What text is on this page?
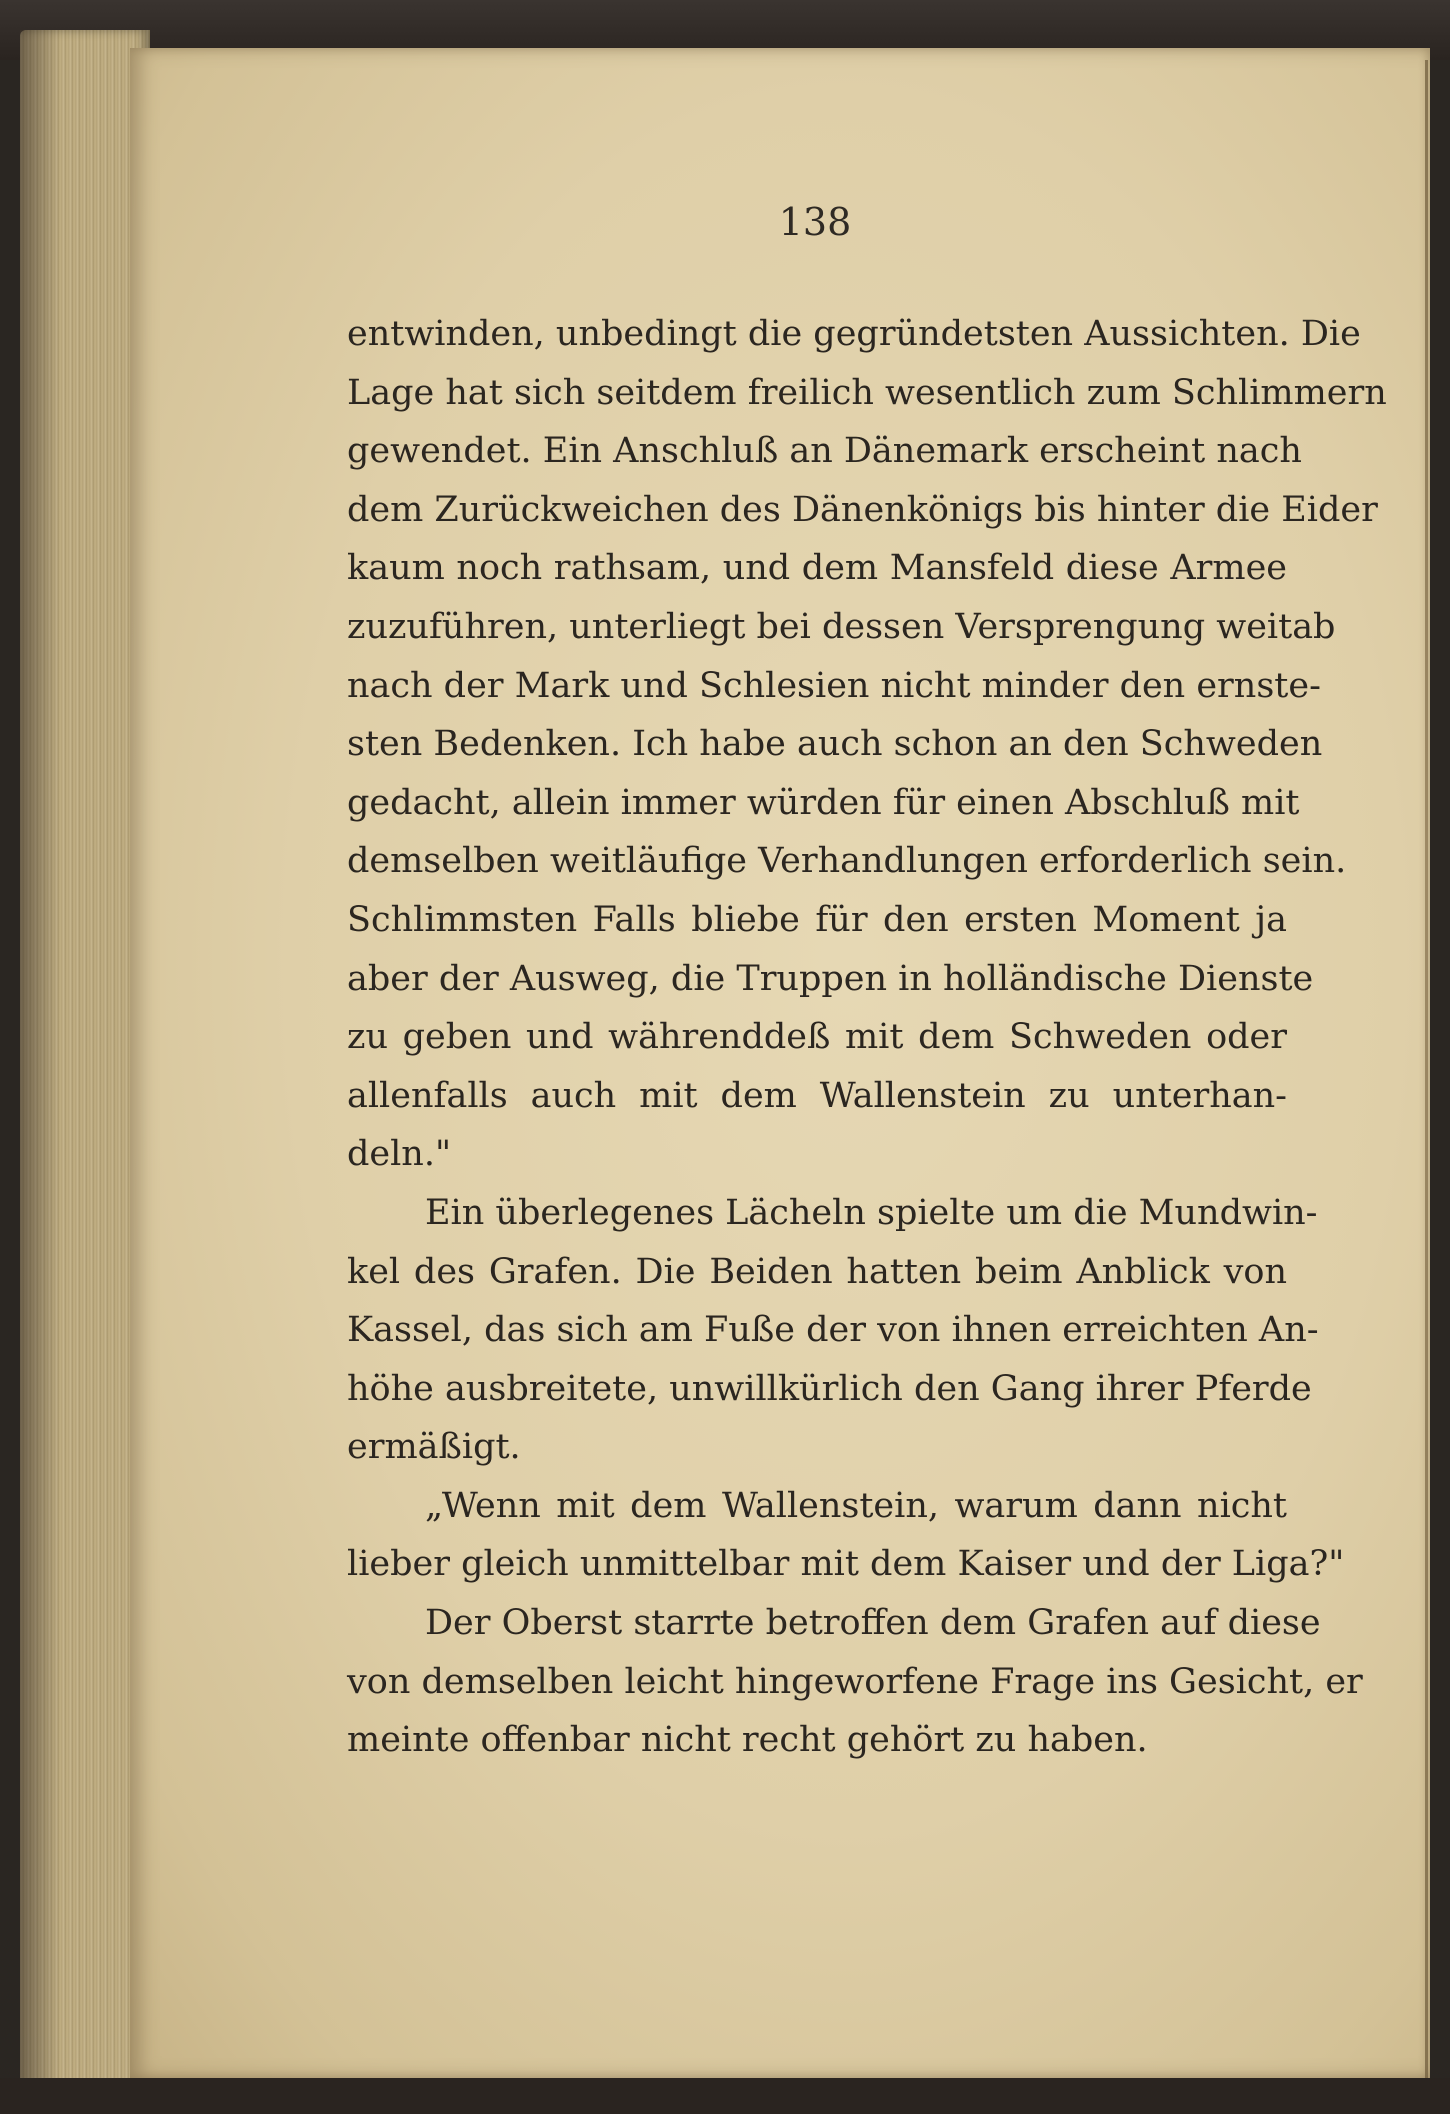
138
entwinden, unbedingt die gegründetsten Aussichten. Die
Lage hat sich seitdem freilich wesentlich zum Schlimmern
gewendet. Ein Anschluß an Dänemark erscheint nach
dem Zurückweichen des Dänenkönigs bis hinter die Eider
kaum noch rathsam, und dem Mansfeld diese Armee
zuzuführen, unterliegt bei dessen Versprengung weitab
nach der Mark und Schlesien nicht minder den ernste-
sten Bedenken. Ich habe auch schon an den Schweden
gedacht, allein immer würden für einen Abschluß mit
demselben weitläufige Verhandlungen erforderlich sein.
Schlimmsten Falls bliebe für den ersten Moment ja
aber der Ausweg, die Truppen in holländische Dienste
zu geben und währenddeß mit dem Schweden oder
allenfalls auch mit dem Wallenstein zu unterhan-
deln."
Ein überlegenes Lächeln spielte um die Mundwin-
kel des Grafen. Die Beiden hatten beim Anblick von
Kassel, das sich am Fuße der von ihnen erreichten An-
höhe ausbreitete, unwillkürlich den Gang ihrer Pferde
ermäßigt.
„Wenn mit dem Wallenstein, warum dann nicht
lieber gleich unmittelbar mit dem Kaiser und der Liga?"
Der Oberst starrte betroffen dem Grafen auf diese
von demselben leicht hingeworfene Frage ins Gesicht, er
meinte offenbar nicht recht gehört zu haben.
